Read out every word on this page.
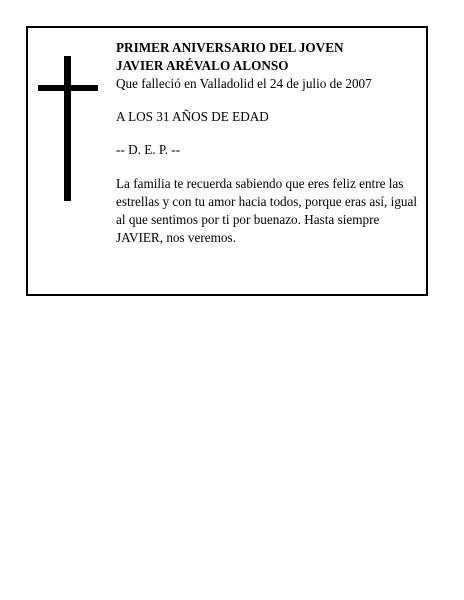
PRIMER ANIVERSARIO DEL JOVEN

JAVIER ARÉVALO ALONSO

Que falleció en Valladolid el 24 de julio de 2007

A LOS 31 AÑOS DE EDAD

-- D. E. P. --

La familia te recuerda sabiendo que eres feliz entre las estrellas y con tu amor hacia todos, porque eras así, igual al que sentimos por ti por buenazo. Hasta siempre JAVIER, nos veremos.
